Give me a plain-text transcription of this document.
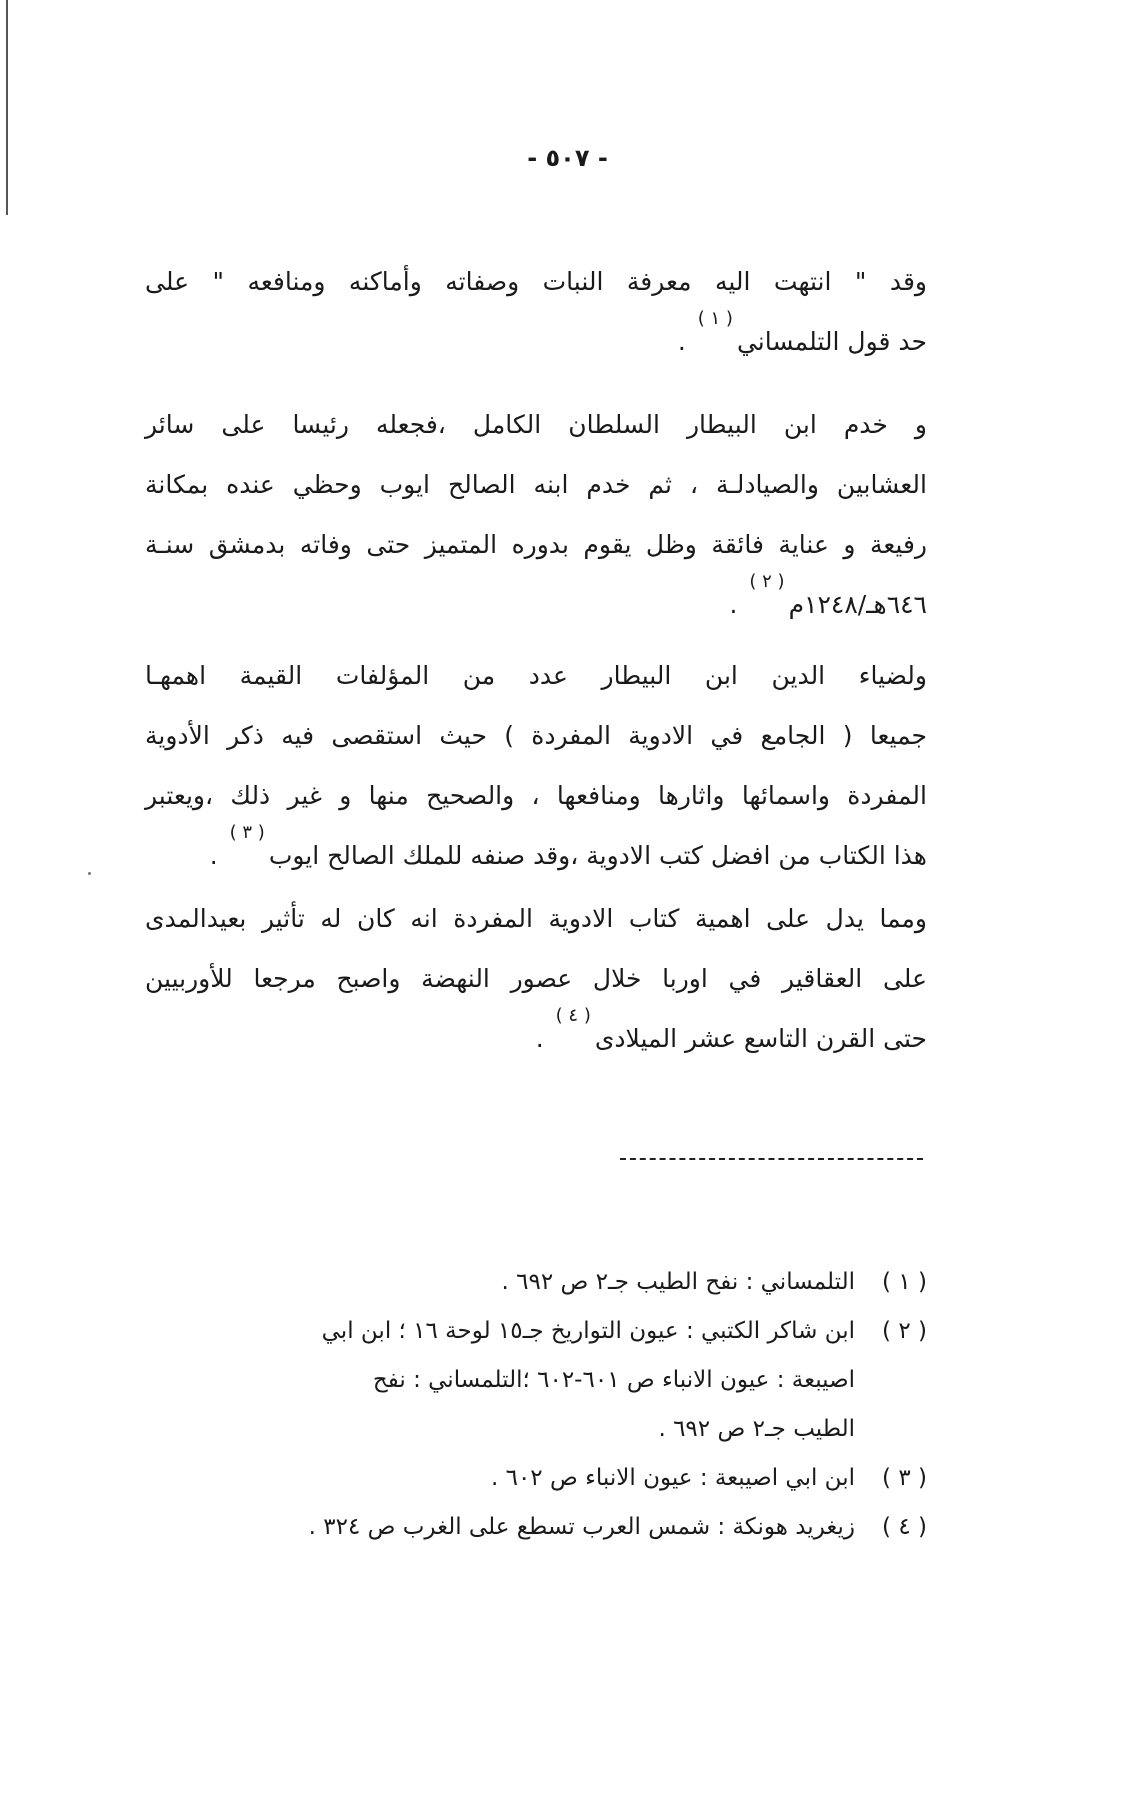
- ٥٠٧ -

وقد " انتهت اليه معرفة النبات وصفاته وأماكنه ومنافعه " على
حد قول التلمساني( ١ ) .

و خدم ابن البيطار السلطان الكامل ،فجعله رئيسا على سائر
العشابين والصيادلـة ، ثم خدم ابنه الصالح ايوب وحظي عنده بمكانة
رفيعة و عناية فائقة وظل يقوم بدوره المتميز حتى وفاته بدمشق سنـة
٦٤٦هـ/١٢٤٨م( ٢ ) .

ولضياء الدين ابن البيطار عدد من المؤلفات القيمة اهمهـا
جميعا ( الجامع في الادوية المفردة ) حيث استقصى فيه ذكر الأدوية
المفردة واسمائها واثارها ومنافعها ، والصحيح منها و غير ذلك ،ويعتبر
هذا الكتاب من افضل كتب الادوية ،وقد صنفه للملك الصالح ايوب( ٣ ) .
ومما يدل على اهمية كتاب الادوية المفردة انه كان له تأثير بعيدالمدى
على العقاقير في اوربا خلال عصور النهضة واصبح مرجعا للأوربيين
حتى القرن التاسع عشر الميلادى( ٤ ) .

( ١ )
التلمساني : نفح الطيب جـ٢ ص ٦٩٢ .
( ٢ )
ابن شاكر الكتبي : عيون التواريخ جـ١٥ لوحة ١٦ ؛ ابن ابي
اصيبعة : عيون الانباء ص ٦٠١-٦٠٢ ؛التلمساني : نفح
الطيب جـ٢ ص ٦٩٢ .
( ٣ )
ابن ابي اصيبعة : عيون الانباء ص ٦٠٢ .
( ٤ )
زيغريد هونكة : شمس العرب تسطع على الغرب ص ٣٢٤ .
